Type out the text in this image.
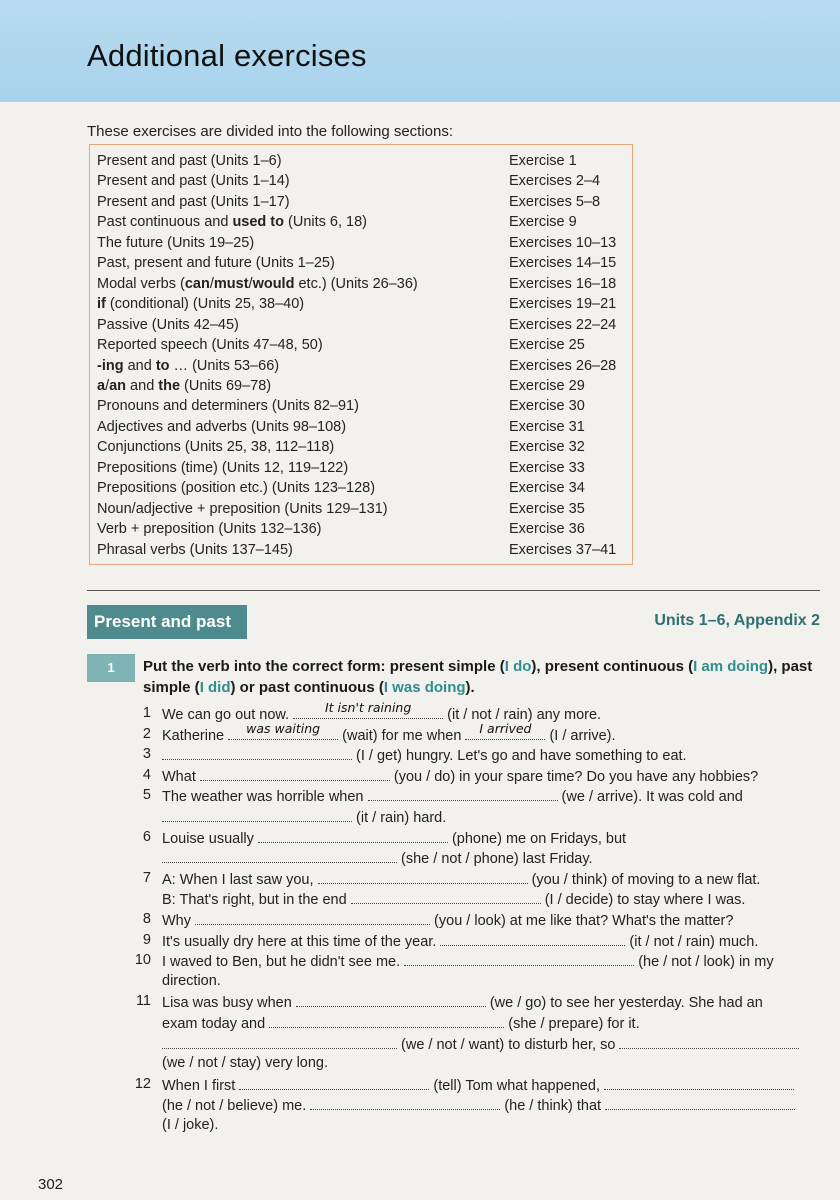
Additional exercises
These exercises are divided into the following sections:
Present and past (Units 1–6)	Exercise 1
Present and past (Units 1–14)	Exercises 2–4
Present and past (Units 1–17)	Exercises 5–8
Past continuous and used to (Units 6, 18)	Exercise 9
The future (Units 19–25)	Exercises 10–13
Past, present and future (Units 1–25)	Exercises 14–15
Modal verbs (can/must/would etc.) (Units 26–36)	Exercises 16–18
if (conditional) (Units 25, 38–40)	Exercises 19–21
Passive (Units 42–45)	Exercises 22–24
Reported speech (Units 47–48, 50)	Exercise 25
-ing and to … (Units 53–66)	Exercises 26–28
a/an and the (Units 69–78)	Exercise 29
Pronouns and determiners (Units 82–91)	Exercise 30
Adjectives and adverbs (Units 98–108)	Exercise 31
Conjunctions (Units 25, 38, 112–118)	Exercise 32
Prepositions (time) (Units 12, 119–122)	Exercise 33
Prepositions (position etc.) (Units 123–128)	Exercise 34
Noun/adjective + preposition (Units 129–131)	Exercise 35
Verb + preposition (Units 132–136)	Exercise 36
Phrasal verbs (Units 137–145)	Exercises 37–41
Present and past	Units 1–6, Appendix 2
1	Put the verb into the correct form: present simple (I do), present continuous (I am doing), past simple (I did) or past continuous (I was doing).
1 We can go out now.	It isn't raining	(it / not / rain) any more.
2 Katherine	was waiting	(wait) for me when	I arrived (I / arrive).
3	(I / get) hungry. Let's go and have something to eat.
4 What	(you / do) in your spare time? Do you have any hobbies?
5 The weather was horrible when	(we / arrive). It was cold and
(it / rain) hard.
6 Louise usually	(phone) me on Fridays, but
(she / not / phone) last Friday.
7 A: When I last saw you,	(you / think) of moving to a new flat.
B: That's right, but in the end	(I / decide) to stay where I was.
8 Why	(you / look) at me like that? What's the matter?
9 It's usually dry here at this time of the year.	(it / not / rain) much.
10 I waved to Ben, but he didn't see me.	(he / not / look) in my
direction.
11 Lisa was busy when	(we / go) to see her yesterday. She had an
exam today and	(she / prepare) for it.
(we / not / want) to disturb her, so
(we / not / stay) very long.
12 When I first	(tell) Tom what happened,
(he / not / believe) me.	(he / think) that
(I / joke).
302
